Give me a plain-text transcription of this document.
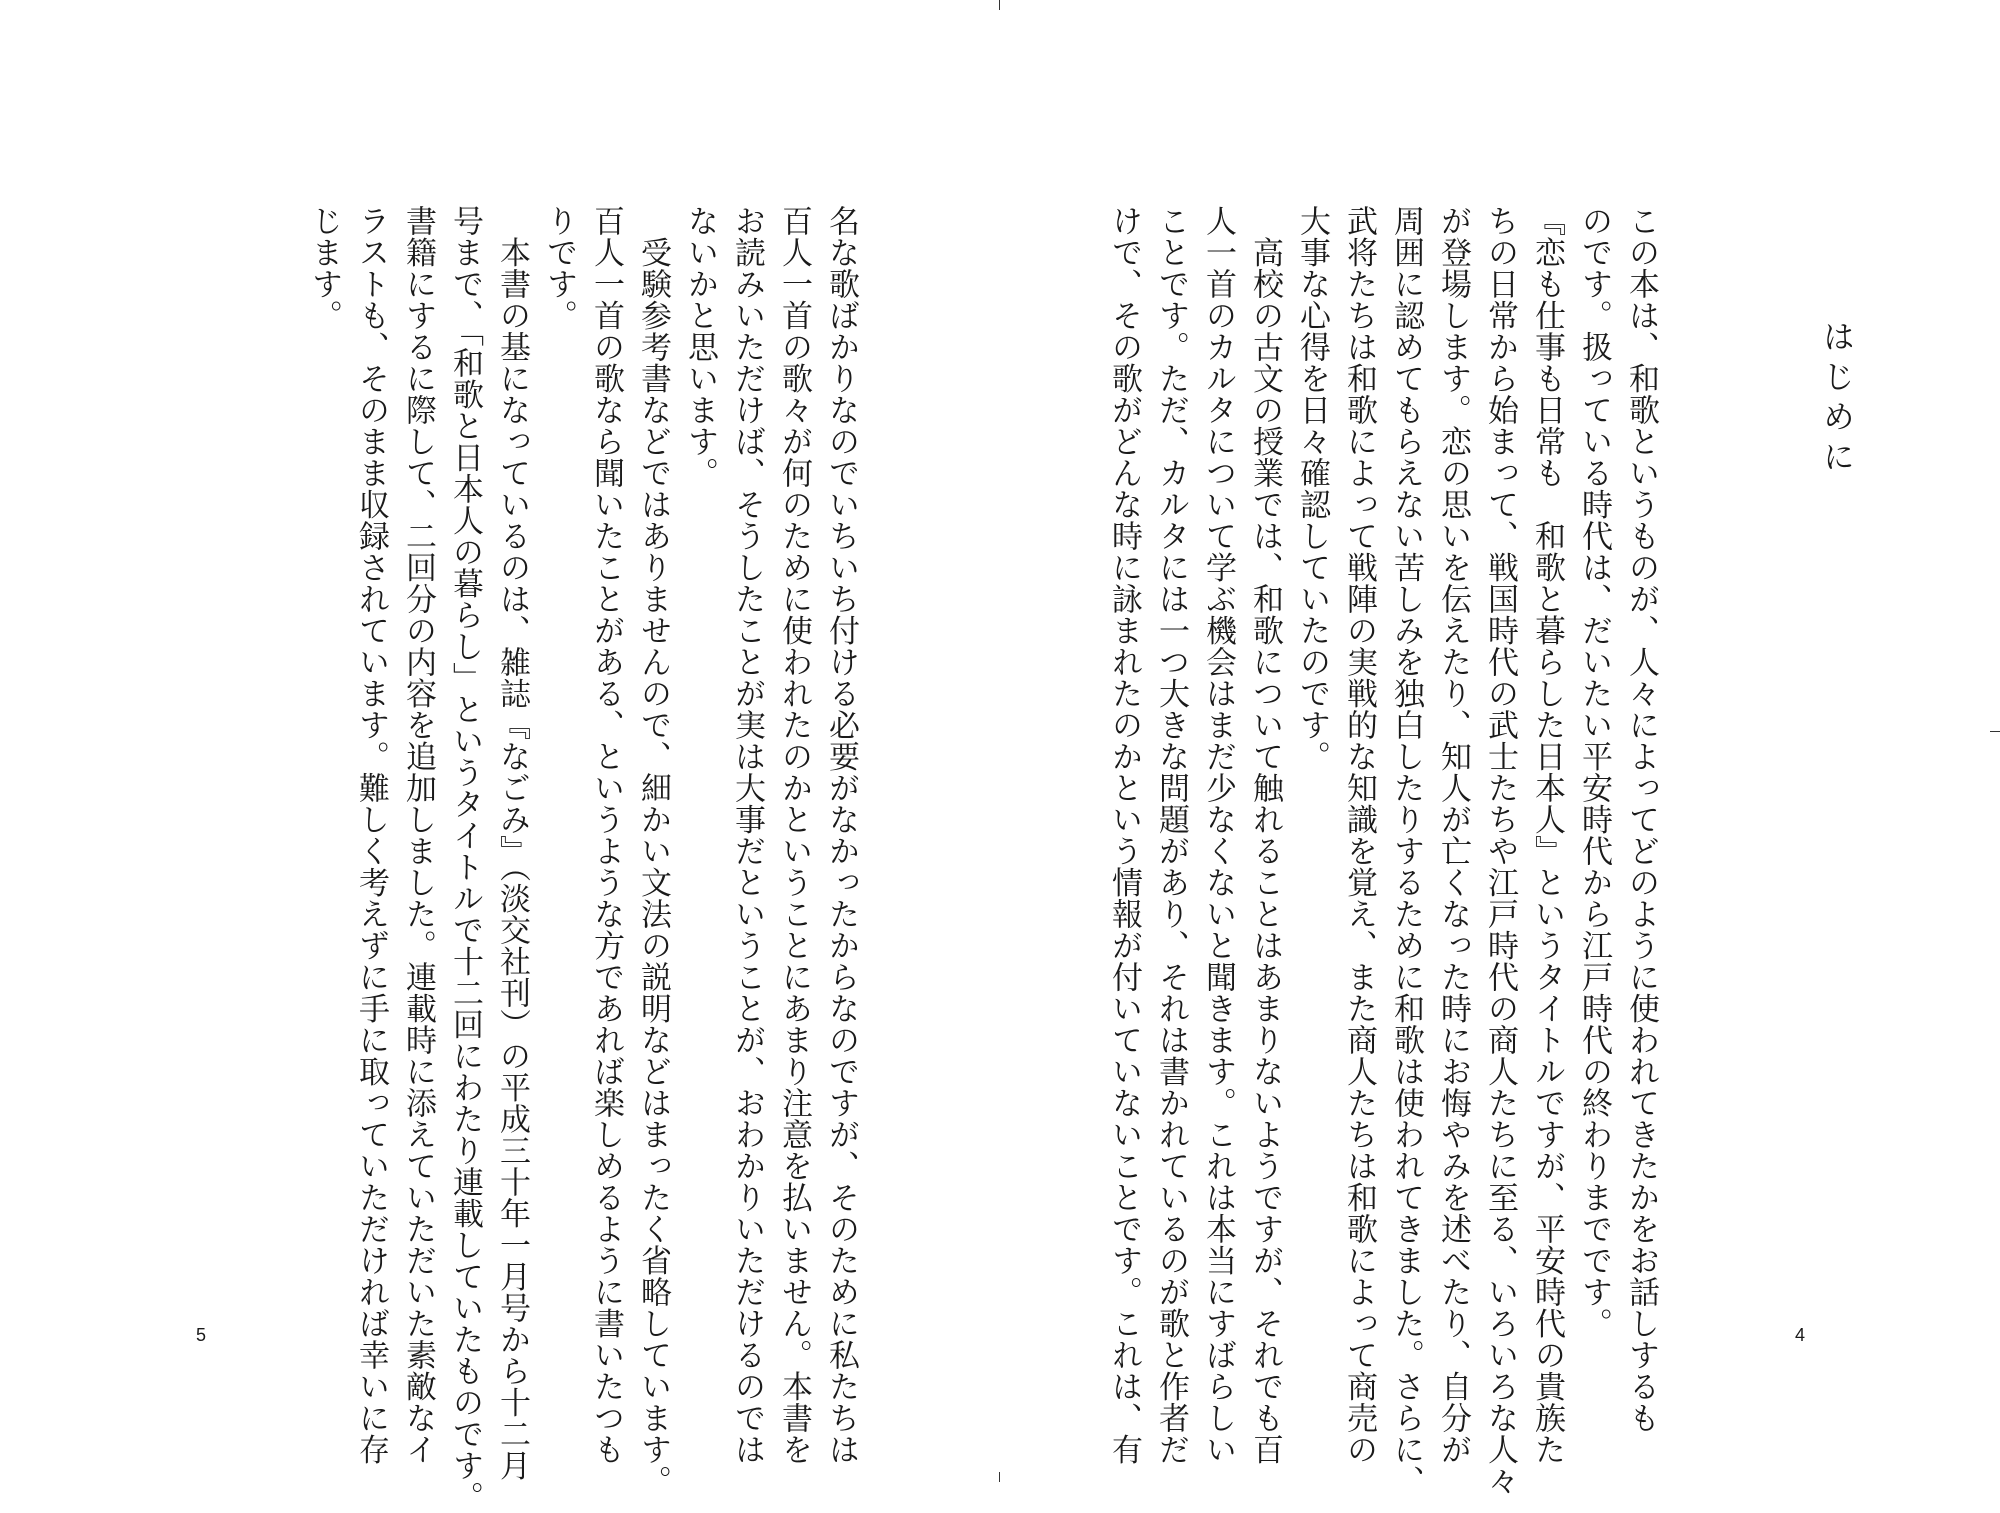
はじめに
この本は、和歌というものが、人々によってどのように使われてきたかをお話しするも
のです。扱っている時代は、だいたい平安時代から江戸時代の終わりまでです。
『恋も仕事も日常も　和歌と暮らした日本人』というタイトルですが、平安時代の貴族た
ちの日常から始まって、戦国時代の武士たちや江戸時代の商人たちに至る、いろいろな人々
が登場します。恋の思いを伝えたり、知人が亡くなった時にお悔やみを述べたり、自分が
周囲に認めてもらえない苦しみを独白したりするために和歌は使われてきました。さらに、
武将たちは和歌によって戦陣の実戦的な知識を覚え、また商人たちは和歌によって商売の
大事な心得を日々確認していたのです。
　高校の古文の授業では、和歌について触れることはあまりないようですが、それでも百
人一首のカルタについて学ぶ機会はまだ少なくないと聞きます。これは本当にすばらしい
ことです。ただ、カルタには一つ大きな問題があり、それは書かれているのが歌と作者だ
けで、その歌がどんな時に詠まれたのかという情報が付いていないことです。これは、有	4
名な歌ばかりなのでいちいち付ける必要がなかったからなのですが、そのために私たちは
百人一首の歌々が何のために使われたのかということにあまり注意を払いません。本書を
お読みいただけば、そうしたことが実は大事だということが、おわかりいただけるのでは
ないかと思います。
　受験参考書などではありませんので、細かい文法の説明などはまったく省略しています。
百人一首の歌なら聞いたことがある、というような方であれば楽しめるように書いたつも
りです。
　本書の基になっているのは、雑誌『なごみ』（淡交社刊）の平成三十年一月号から十二月
号まで、「和歌と日本人の暮らし」というタイトルで十二回にわたり連載していたものです。
書籍にするに際して、二回分の内容を追加しました。連載時に添えていただいた素敵なイ
ラストも、そのまま収録されています。難しく考えずに手に取っていただければ幸いに存
じます。
5
